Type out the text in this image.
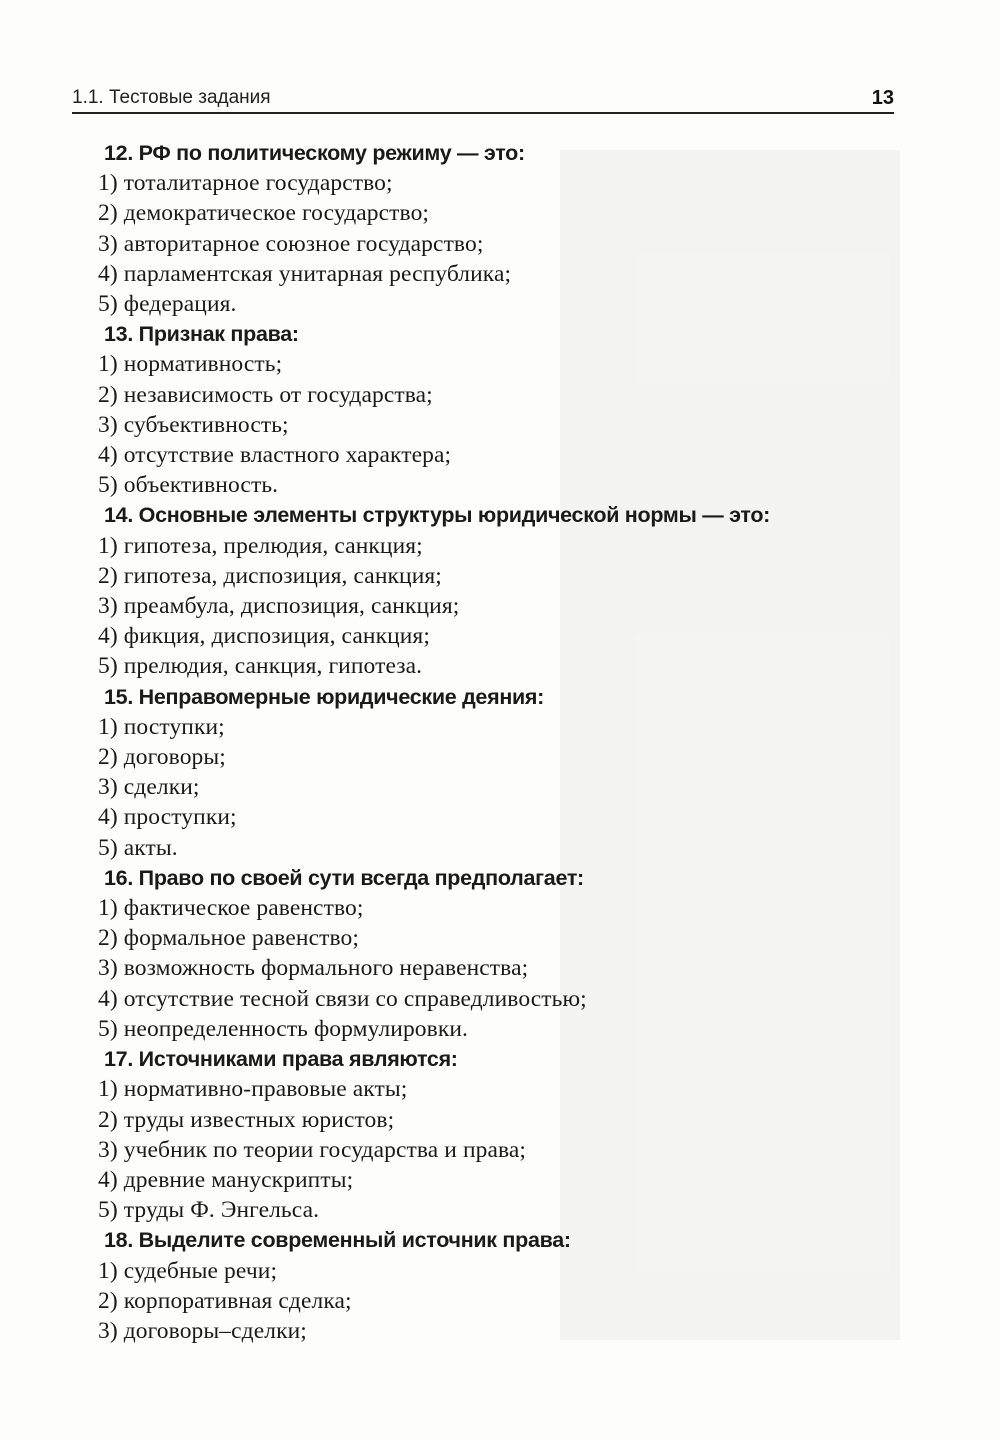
1.1. Тестовые задания	13
12. РФ по политическому режиму — это:
1) тоталитарное государство;
2) демократическое государство;
3) авторитарное союзное государство;
4) парламентская унитарная республика;
5) федерация.
13. Признак права:
1) нормативность;
2) независимость от государства;
3) субъективность;
4) отсутствие властного характера;
5) объективность.
14. Основные элементы структуры юридической нормы — это:
1) гипотеза, прелюдия, санкция;
2) гипотеза, диспозиция, санкция;
3) преамбула, диспозиция, санкция;
4) фикция, диспозиция, санкция;
5) прелюдия, санкция, гипотеза.
15. Неправомерные юридические деяния:
1) поступки;
2) договоры;
3) сделки;
4) проступки;
5) акты.
16. Право по своей сути всегда предполагает:
1) фактическое равенство;
2) формальное равенство;
3) возможность формального неравенства;
4) отсутствие тесной связи со справедливостью;
5) неопределенность формулировки.
17. Источниками права являются:
1) нормативно-правовые акты;
2) труды известных юристов;
3) учебник по теории государства и права;
4) древние манускрипты;
5) труды Ф. Энгельса.
18. Выделите современный источник права:
1) судебные речи;
2) корпоративная сделка;
3) договоры–сделки;
